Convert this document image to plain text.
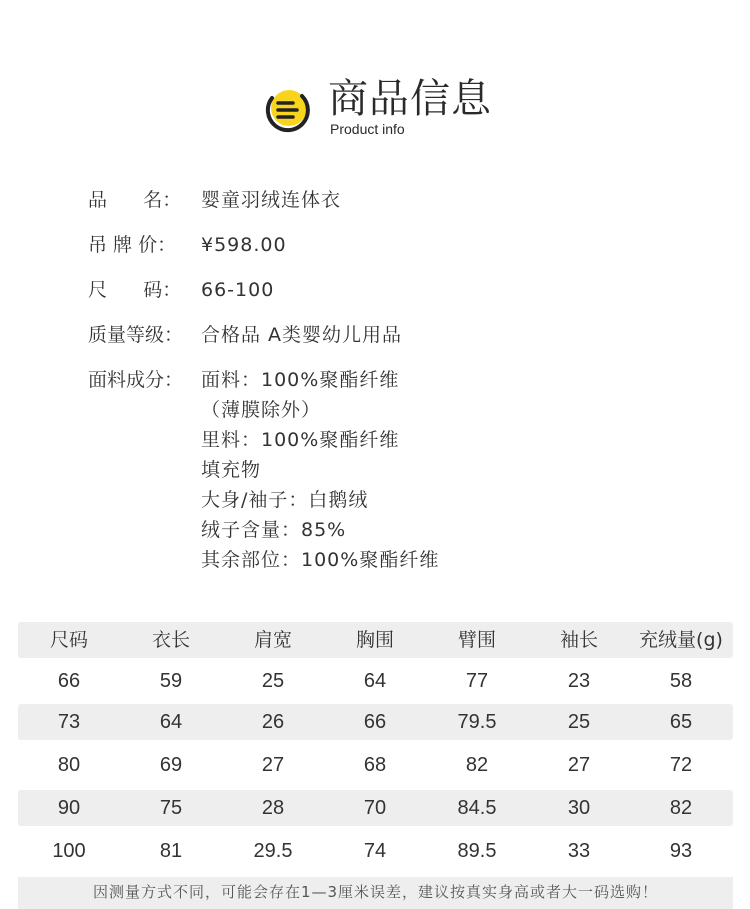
商品信息
Product info
品      名：	婴童羽绒连体衣
吊 牌 价：	¥598.00
尺      码：	66-100
质量等级： 合格品 A类婴幼儿用品
面料成分： 面料：100%聚酯纤维
（薄膜除外）
里料：100%聚酯纤维
填充物
大身/袖子：白鹅绒
绒子含量：85%
其余部位：100%聚酯纤维
尺码	衣长	肩宽	胸围	臂围	袖长	充绒量(g)
66	59	25	64	77	23	58
73	64	26	66	79.5	25	65
80	69	27	68	82	27	72
90	75	28	70	84.5	30	82
100	81	29.5	74	89.5	33	93
因测量方式不同，可能会存在1—3厘米误差，建议按真实身高或者大一码选购！
